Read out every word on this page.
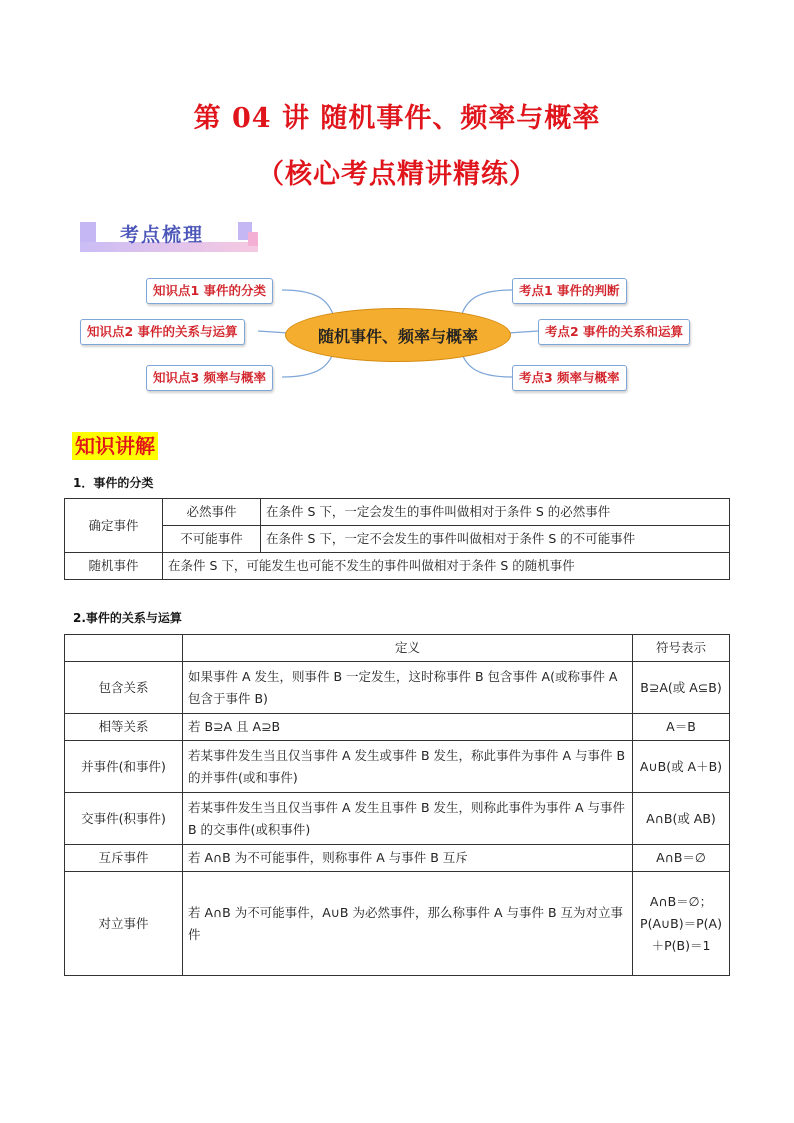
第 04 讲 随机事件、频率与概率
（核心考点精讲精练）
考点梳理
知识点1 事件的分类
知识点2 事件的关系与运算
知识点3 频率与概率
随机事件、频率与概率
考点1 事件的判断
考点2 事件的关系和运算
考点3 频率与概率
知识讲解
1．事件的分类
确定事件	必然事件	在条件 S 下，一定会发生的事件叫做相对于条件 S 的必然事件
	不可能事件	在条件 S 下，一定不会发生的事件叫做相对于条件 S 的不可能事件
随机事件	在条件 S 下，可能发生也可能不发生的事件叫做相对于条件 S 的随机事件	
2.事件的关系与运算
	定义	符号表示
包含关系	如果事件 A 发生，则事件 B 一定发生，这时称事件 B 包含事件 A(或称事件 A 包含于事件 B)	B⊇A(或 A⊆B)
相等关系	若 B⊇A 且 A⊇B	A＝B
并事件(和事件)	若某事件发生当且仅当事件 A 发生或事件 B 发生，称此事件为事件 A 与事件 B 的并事件(或和事件)	A∪B(或 A＋B)
交事件(积事件)	若某事件发生当且仅当事件 A 发生且事件 B 发生，则称此事件为事件 A 与事件 B 的交事件(或积事件)	A∩B(或 AB)
互斥事件	若 A∩B 为不可能事件，则称事件 A 与事件 B 互斥	A∩B＝∅
对立事件	若 A∩B 为不可能事件，A∪B 为必然事件，那么称事件 A 与事件 B 互为对立事件	A∩B＝∅；P(A∪B)＝P(A)＋P(B)＝1
